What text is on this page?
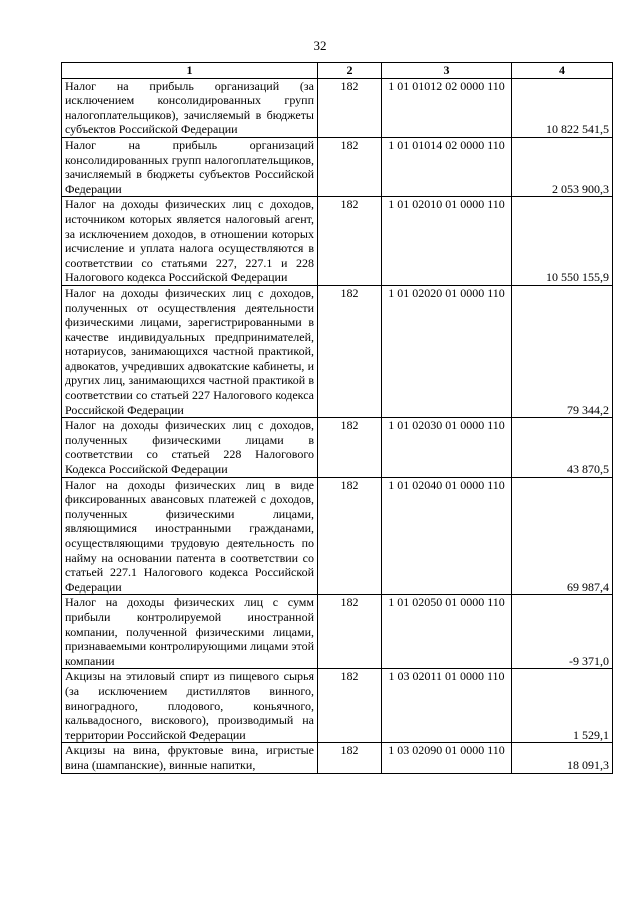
32
1	2	3	4
Налог на прибыль организаций (за исключением консолидированных групп налогоплательщиков), зачисляемый в бюджеты субъектов Российской Федерации	182	1 01 01012 02 0000 110	10 822 541,5
Налог на прибыль организаций консолидированных групп налогоплательщиков, зачисляемый в бюджеты субъектов Российской Федерации	182	1 01 01014 02 0000 110	2 053 900,3
Налог на доходы физических лиц с доходов, источником которых является налоговый агент, за исключением доходов, в отношении которых исчисление и уплата налога осуществляются в соответствии со статьями 227, 227.1 и 228 Налогового кодекса Российской Федерации	182	1 01 02010 01 0000 110	10 550 155,9
Налог на доходы физических лиц с доходов, полученных от осуществления деятельности физическими лицами, зарегистрированными в качестве индивидуальных предпринимателей, нотариусов, занимающихся частной практикой, адвокатов, учредивших адвокатские кабинеты, и других лиц, занимающихся частной практикой в соответствии со статьей 227 Налогового кодекса Российской Федерации	182	1 01 02020 01 0000 110	79 344,2
Налог на доходы физических лиц с доходов, полученных физическими лицами в соответствии со статьей 228 Налогового Кодекса Российской Федерации	182	1 01 02030 01 0000 110	43 870,5
Налог на доходы физических лиц в виде фиксированных авансовых платежей с доходов, полученных физическими лицами, являющимися иностранными гражданами, осуществляющими трудовую деятельность по найму на основании патента в соответствии со статьей 227.1 Налогового кодекса Российской Федерации	182	1 01 02040 01 0000 110	69 987,4
Налог на доходы физических лиц с сумм прибыли контролируемой иностранной компании, полученной физическими лицами, признаваемыми контролирующими лицами этой компании	182	1 01 02050 01 0000 110	-9 371,0
Акцизы на этиловый спирт из пищевого сырья (за исключением дистиллятов винного, виноградного, плодового, коньячного, кальвадосного, вискового), производимый на территории Российской Федерации	182	1 03 02011 01 0000 110	1 529,1
Акцизы на вина, фруктовые вина, игристые вина (шампанские), винные напитки,	182	1 03 02090 01 0000 110	18 091,3
